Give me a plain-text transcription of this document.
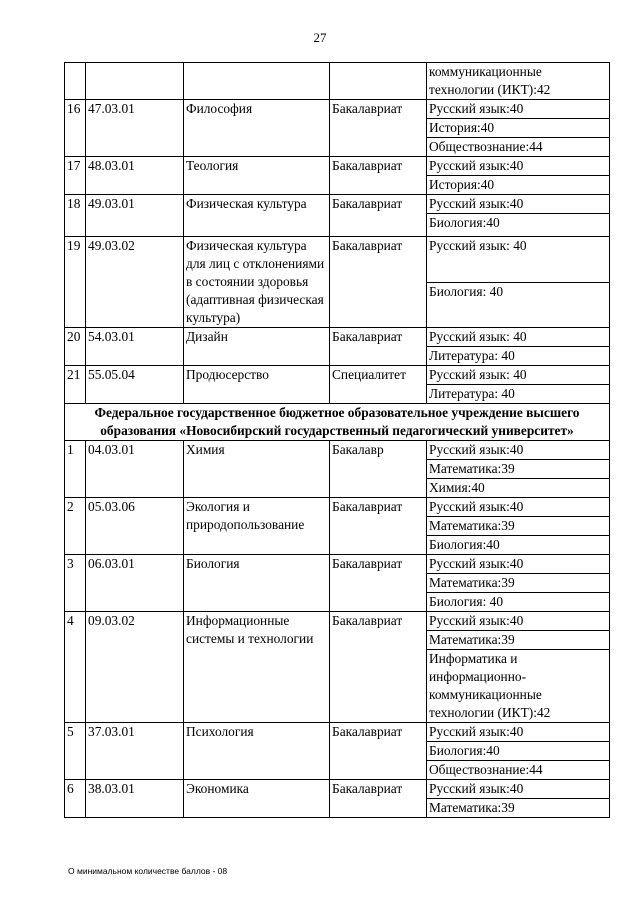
27
				коммуникационные
технологии (ИКТ):42
16	47.03.01	Философия	Бакалавриат	Русский язык:40
				История:40
				Обществознание:44
17	48.03.01	Теология	Бакалавриат	Русский язык:40
				История:40
18	49.03.01	Физическая культура	Бакалавриат	Русский язык:40
				Биология:40
19	49.03.02	Физическая культура для лиц с отклонениями в состоянии здоровья (адаптивная физическая культура)	Бакалавриат	Русский язык: 40
				Биология: 40
20	54.03.01	Дизайн	Бакалавриат	Русский язык: 40
				Литература: 40
21	55.05.04	Продюсерство	Специалитет	Русский язык: 40
				Литература: 40
Федеральное государственное бюджетное образовательное учреждение высшего образования «Новосибирский государственный педагогический университет»				
1	04.03.01	Химия	Бакалавр	Русский язык:40
				Математика:39
				Химия:40
2	05.03.06	Экология и природопользование	Бакалавриат	Русский язык:40
				Математика:39
				Биология:40
3	06.03.01	Биология	Бакалавриат	Русский язык:40
				Математика:39
				Биология: 40
4	09.03.02	Информационные системы и технологии	Бакалавриат	Русский язык:40
				Математика:39
				Информатика и информационно-коммуникационные технологии (ИКТ):42
5	37.03.01	Психология	Бакалавриат	Русский язык:40
				Биология:40
				Обществознание:44
6	38.03.01	Экономика	Бакалавриат	Русский язык:40
				Математика:39
О минимальном количестве баллов - 08
